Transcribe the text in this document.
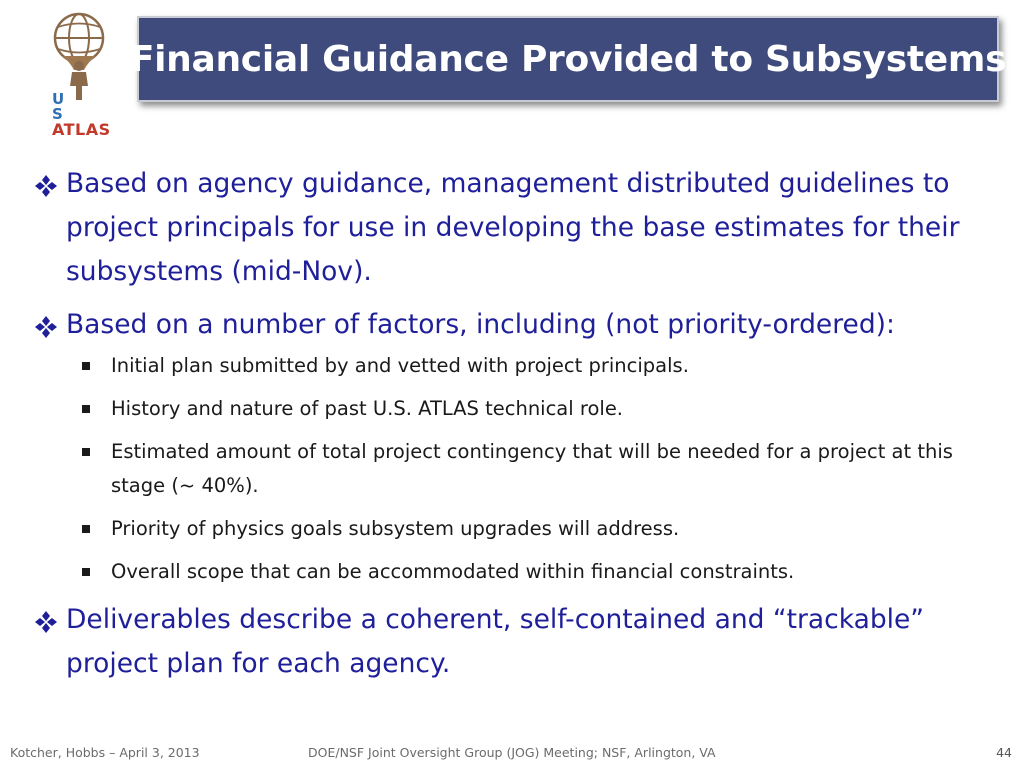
U
S
ATLAS
Financial Guidance Provided to Subsystems
Based on agency guidance, management distributed guidelines to project principals for use in developing the base estimates for their subsystems (mid-Nov).
Based on a number of factors, including (not priority-ordered):
Initial plan submitted by and vetted with project principals.
History and nature of past U.S. ATLAS technical role.
Estimated amount of total project contingency that will be needed for a project at this stage (~ 40%).
Priority of physics goals subsystem upgrades will address.
Overall scope that can be accommodated within financial constraints.
Deliverables describe a coherent, self-contained and “trackable” project plan for each agency.
Kotcher, Hobbs – April 3, 2013	DOE/NSF Joint Oversight Group (JOG) Meeting; NSF, Arlington, VA	44
